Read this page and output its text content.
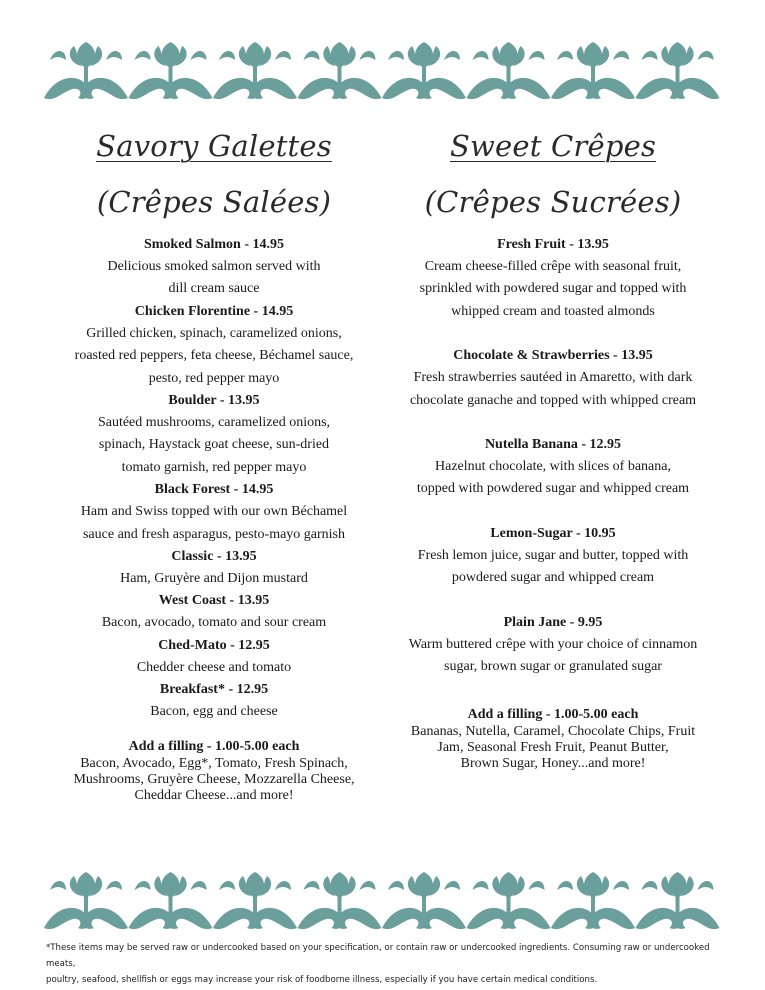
Savory Galettes
(Crêpes Salées)
Smoked Salmon - 14.95
Delicious smoked salmon served with
dill cream sauce
Chicken Florentine - 14.95
Grilled chicken, spinach, caramelized onions,
roasted red peppers, feta cheese, Béchamel sauce,
pesto, red pepper mayo
Boulder - 13.95
Sautéed mushrooms, caramelized onions,
spinach, Haystack goat cheese, sun-dried
tomato garnish, red pepper mayo
Black Forest - 14.95
Ham and Swiss topped with our own Béchamel
sauce and fresh asparagus, pesto-mayo garnish
Classic - 13.95
Ham, Gruyère and Dijon mustard
West Coast - 13.95
Bacon, avocado, tomato and sour cream
Ched-Mato - 12.95
Chedder cheese and tomato
Breakfast* - 12.95
Bacon, egg and cheese
Add a filling - 1.00-5.00 each
Bacon, Avocado, Egg*, Tomato, Fresh Spinach,
Mushrooms, Gruyère Cheese, Mozzarella Cheese,
Cheddar Cheese...and more!
Sweet Crêpes
(Crêpes Sucrées)
Fresh Fruit - 13.95
Cream cheese-filled crêpe with seasonal fruit,
sprinkled with powdered sugar and topped with
whipped cream and toasted almonds
Chocolate & Strawberries - 13.95
Fresh strawberries sautéed in Amaretto, with dark
chocolate ganache and topped with whipped cream
Nutella Banana - 12.95
Hazelnut chocolate, with slices of banana,
topped with powdered sugar and whipped cream
Lemon-Sugar - 10.95
Fresh lemon juice, sugar and butter, topped with
powdered sugar and whipped cream
Plain Jane - 9.95
Warm buttered crêpe with your choice of cinnamon
sugar, brown sugar or granulated sugar
Add a filling - 1.00-5.00 each
Bananas, Nutella, Caramel, Chocolate Chips, Fruit
Jam, Seasonal Fresh Fruit, Peanut Butter,
Brown Sugar, Honey...and more!
*These items may be served raw or undercooked based on your specification, or contain raw or undercooked ingredients. Consuming raw or undercooked meats,
poultry, seafood, shellfish or eggs may increase your risk of foodborne illness, especially if you have certain medical conditions.
